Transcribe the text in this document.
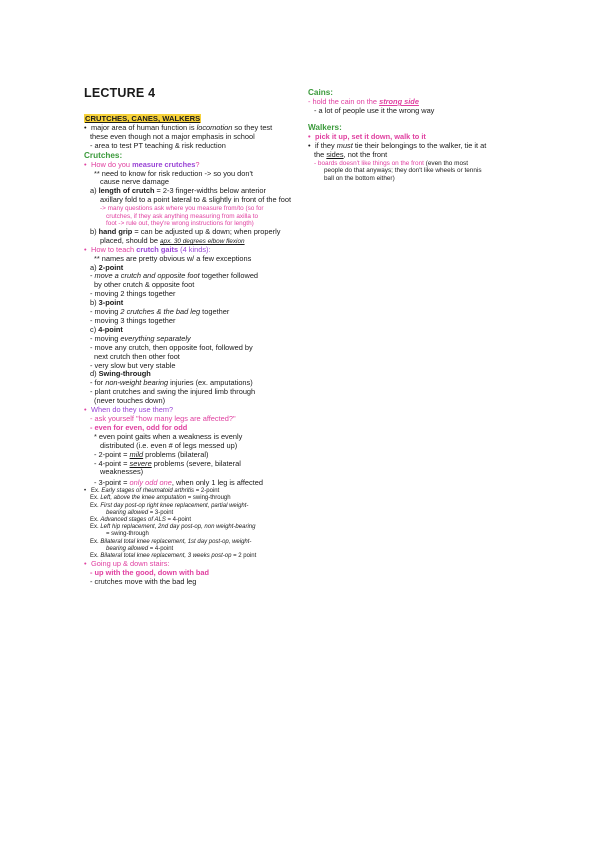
LECTURE 4
CRUTCHES, CANES, WALKERS
• major area of human function is locomotion so they test
these even though not a major emphasis in school
- area to test PT teaching & risk reduction
Crutches:
• How do you measure crutches?
** need to know for risk reduction -> so you don't
cause nerve damage
a) length of crutch = 2-3 finger-widths below anterior
axillary fold to a point lateral to & slightly in front of the foot
-> many questions ask where you measure from/to (so for
crutches, if they ask anything measuring from axilla to
foot -> rule out, they're wrong instructions for length)
b) hand grip = can be adjusted up & down; when properly
placed, should be apx. 30 degrees elbow flexion
• How to teach crutch gaits (4 kinds):
** names are pretty obvious w/ a few exceptions
a) 2-point
- move a crutch and opposite foot together followed
by other crutch & opposite foot
- moving 2 things together
b) 3-point
- moving 2 crutches & the bad leg together
- moving 3 things together
c) 4-point
- moving everything separately
- move any crutch, then opposite foot, followed by
next crutch then other foot
- very slow but very stable
d) Swing-through
- for non-weight bearing injuries (ex. amputations)
- plant crutches and swing the injured limb through
(never touches down)
• When do they use them?
- ask yourself "how many legs are affected?"
- even for even, odd for odd
* even point gaits when a weakness is evenly
distributed (i.e. even # of legs messed up)
- 2-point = mild problems (bilateral)
- 4-point = severe problems (severe, bilateral
weaknesses)
- 3-point = only odd one, when only 1 leg is affected
• Ex. Early stages of rheumatoid arthritis = 2-point
Ex. Left, above the knee amputation = swing-through
Ex. First day post-op right knee replacement, partial weight-
bearing allowed = 3-point
Ex. Advanced stages of ALS = 4-point
Ex. Left hip replacement, 2nd day post-op, non weight-bearing
= swing-through
Ex. Bilateral total knee replacement, 1st day post-op, weight-
bearing allowed = 4-point
Ex. Bilateral total knee replacement, 3 weeks post-op = 2 point
• Going up & down stairs:
- up with the good, down with bad
- crutches move with the bad leg
Cains:
- hold the cain on the strong side
- a lot of people use it the wrong way
Walkers:
• pick it up, set it down, walk to it
• if they must tie their belongings to the walker, tie it at
the sides, not the front
- boards doesn't like things on the front (even tho most
people do that anyways; they don't like wheels or tennis
ball on the bottom either)
